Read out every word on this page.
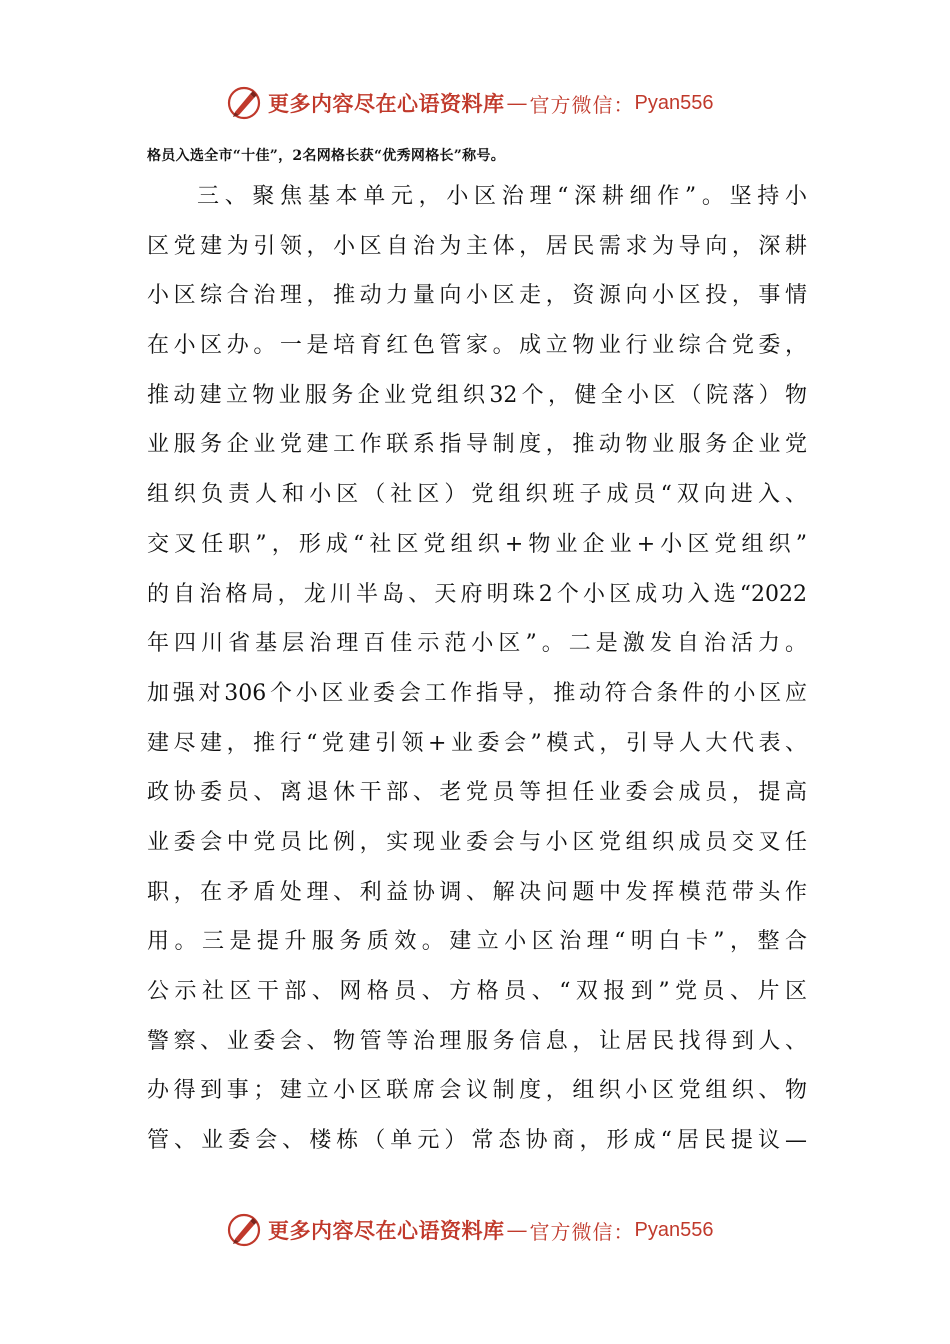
更多内容尽在心语资料库 — 官方微信： Pyan556
格员入选全市“十佳”，2名网格长获“优秀网格长”称号。
三、聚焦基本单元，小区治理“深耕细作”。坚持小
区党建为引领，小区自治为主体，居民需求为导向，深耕
小区综合治理，推动力量向小区走，资源向小区投，事情
在小区办。一是培育红色管家。成立物业行业综合党委，
推动建立物业服务企业党组织32个，健全小区（院落）物
业服务企业党建工作联系指导制度，推动物业服务企业党
组织负责人和小区（社区）党组织班子成员“双向进入、
交叉任职”，形成“社区党组织+物业企业+小区党组织”
的自治格局，龙川半岛、天府明珠2个小区成功入选“2022
年四川省基层治理百佳示范小区”。二是激发自治活力。
加强对306个小区业委会工作指导，推动符合条件的小区应
建尽建，推行“党建引领+业委会”模式，引导人大代表、
政协委员、离退休干部、老党员等担任业委会成员，提高
业委会中党员比例，实现业委会与小区党组织成员交叉任
职，在矛盾处理、利益协调、解决问题中发挥模范带头作
用。三是提升服务质效。建立小区治理“明白卡”，整合
公示社区干部、网格员、方格员、“双报到”党员、片区
警察、业委会、物管等治理服务信息，让居民找得到人、
办得到事；建立小区联席会议制度，组织小区党组织、物
管、业委会、楼栋（单元）常态协商，形成“居民提议—
更多内容尽在心语资料库 — 官方微信： Pyan556
